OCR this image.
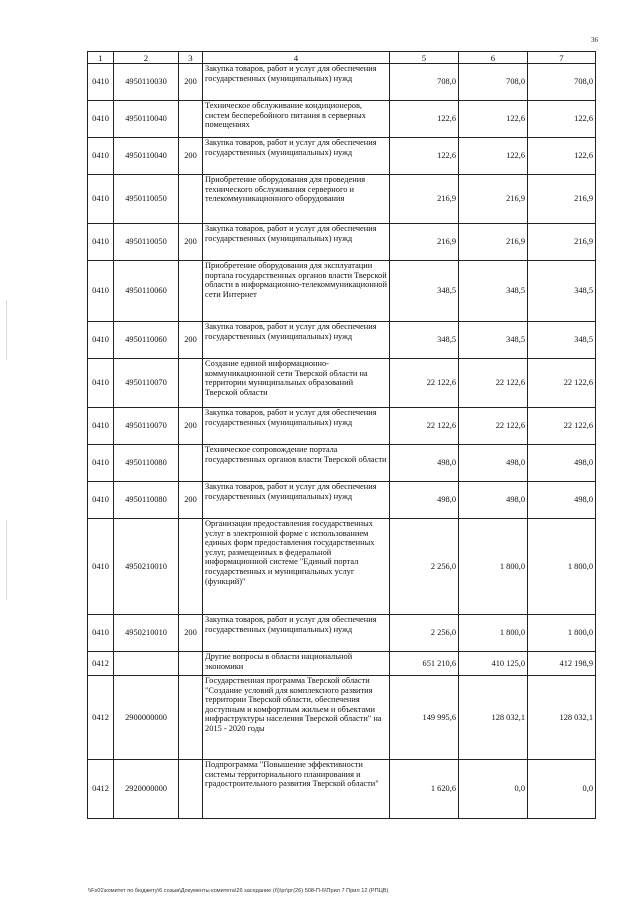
36
1	2	3	4	5	6	7
0410	4950110030	200	Закупка товаров, работ и услуг для обеспечения государственных (муниципальных) нужд	708,0	708,0	708,0
0410	4950110040		Техническое обслуживание кондиционеров, систем бесперебойного питания в серверных помещениях	122,6	122,6	122,6
0410	4950110040	200	Закупка товаров, работ и услуг для обеспечения государственных (муниципальных) нужд	122,6	122,6	122,6
0410	4950110050		Приобретение оборудования для проведения технического обслуживания серверного и телекоммуникационного оборудования	216,9	216,9	216,9
0410	4950110050	200	Закупка товаров, работ и услуг для обеспечения государственных (муниципальных) нужд	216,9	216,9	216,9
0410	4950110060		Приобретение оборудования для эксплуатации портала государственных органов власти Тверской области в информационно-телекоммуникационной сети Интернет	348,5	348,5	348,5
0410	4950110060	200	Закупка товаров, работ и услуг для обеспечения государственных (муниципальных) нужд	348,5	348,5	348,5
0410	4950110070		Создание единой информационно-коммуникационной сети Тверской области на территории муниципальных образований Тверской области	22 122,6	22 122,6	22 122,6
0410	4950110070	200	Закупка товаров, работ и услуг для обеспечения государственных (муниципальных) нужд	22 122,6	22 122,6	22 122,6
0410	4950110080		Техническое сопровождение портала государственных органов власти Тверской области	498,0	498,0	498,0
0410	4950110080	200	Закупка товаров, работ и услуг для обеспечения государственных (муниципальных) нужд	498,0	498,0	498,0
0410	4950210010		Организация предоставления государственных услуг в электронной форме с использованием единых форм предоставления государственных услуг, размещенных в федеральной информационной системе "Единый портал государственных и муниципальных услуг (функций)"	2 256,0	1 800,0	1 800,0
0410	4950210010	200	Закупка товаров, работ и услуг для обеспечения государственных (муниципальных) нужд	2 256,0	1 800,0	1 800,0
0412			Другие вопросы в области национальной экономики	651 210,6	410 125,0	412 198,9
0412	2900000000		Государственная программа Тверской области "Создание условий для комплексного развития территории Тверской области, обеспечения доступным и комфортным жильем и объектами инфраструктуры населения Тверской области" на 2015 - 2020 годы	149 995,6	128 032,1	128 032,1
0412	2920000000		Подпрограмма "Повышение эффективности системы территориального планирования и градостроительного развития Тверской области"	1 620,6	0,0	0,0
\\Fs01\комитет по бюджету\6 созыв\Документы комитета\26 заседание (б)\рг\рг(26) 508-П-6\Прил 7 Прил 12 (РПЦВ)
